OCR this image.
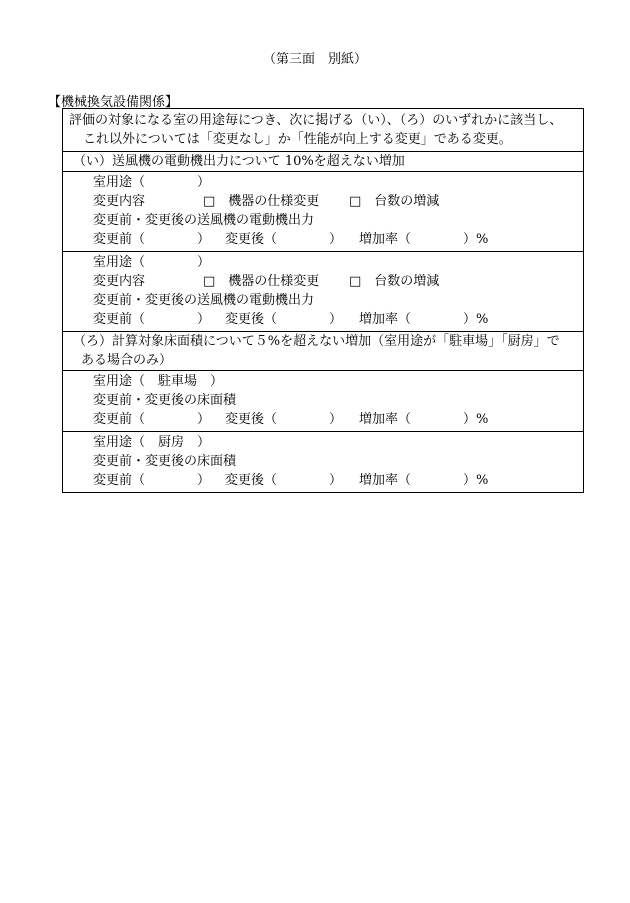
（第三面　別紙）
【機械換気設備関係】
評価の対象になる室の用途毎につき、次に掲げる（い）、（ろ）のいずれかに該当し、
これ以外については「変更なし」か「性能が向上する変更」である変更。
（い）送風機の電動機出力について 10%を超えない増加
室用途（　　　　）
変更内容	□　機器の仕様変更	□　台数の増減
変更前・変更後の送風機の電動機出力
変更前（　　　　）	変更後（　　　　）	増加率（　　　　）%
室用途（　　　　）
変更内容	□　機器の仕様変更	□　台数の増減
変更前・変更後の送風機の電動機出力
変更前（　　　　）	変更後（　　　　）	増加率（　　　　）%
（ろ）計算対象床面積について５%を超えない増加（室用途が「駐車場」「厨房」で
ある場合のみ）
室用途（　駐車場　）
変更前・変更後の床面積
変更前（　　　　）	変更後（　　　　）	増加率（　　　　）%
室用途（　厨房　）
変更前・変更後の床面積
変更前（　　　　）	変更後（　　　　）	増加率（　　　　）%
